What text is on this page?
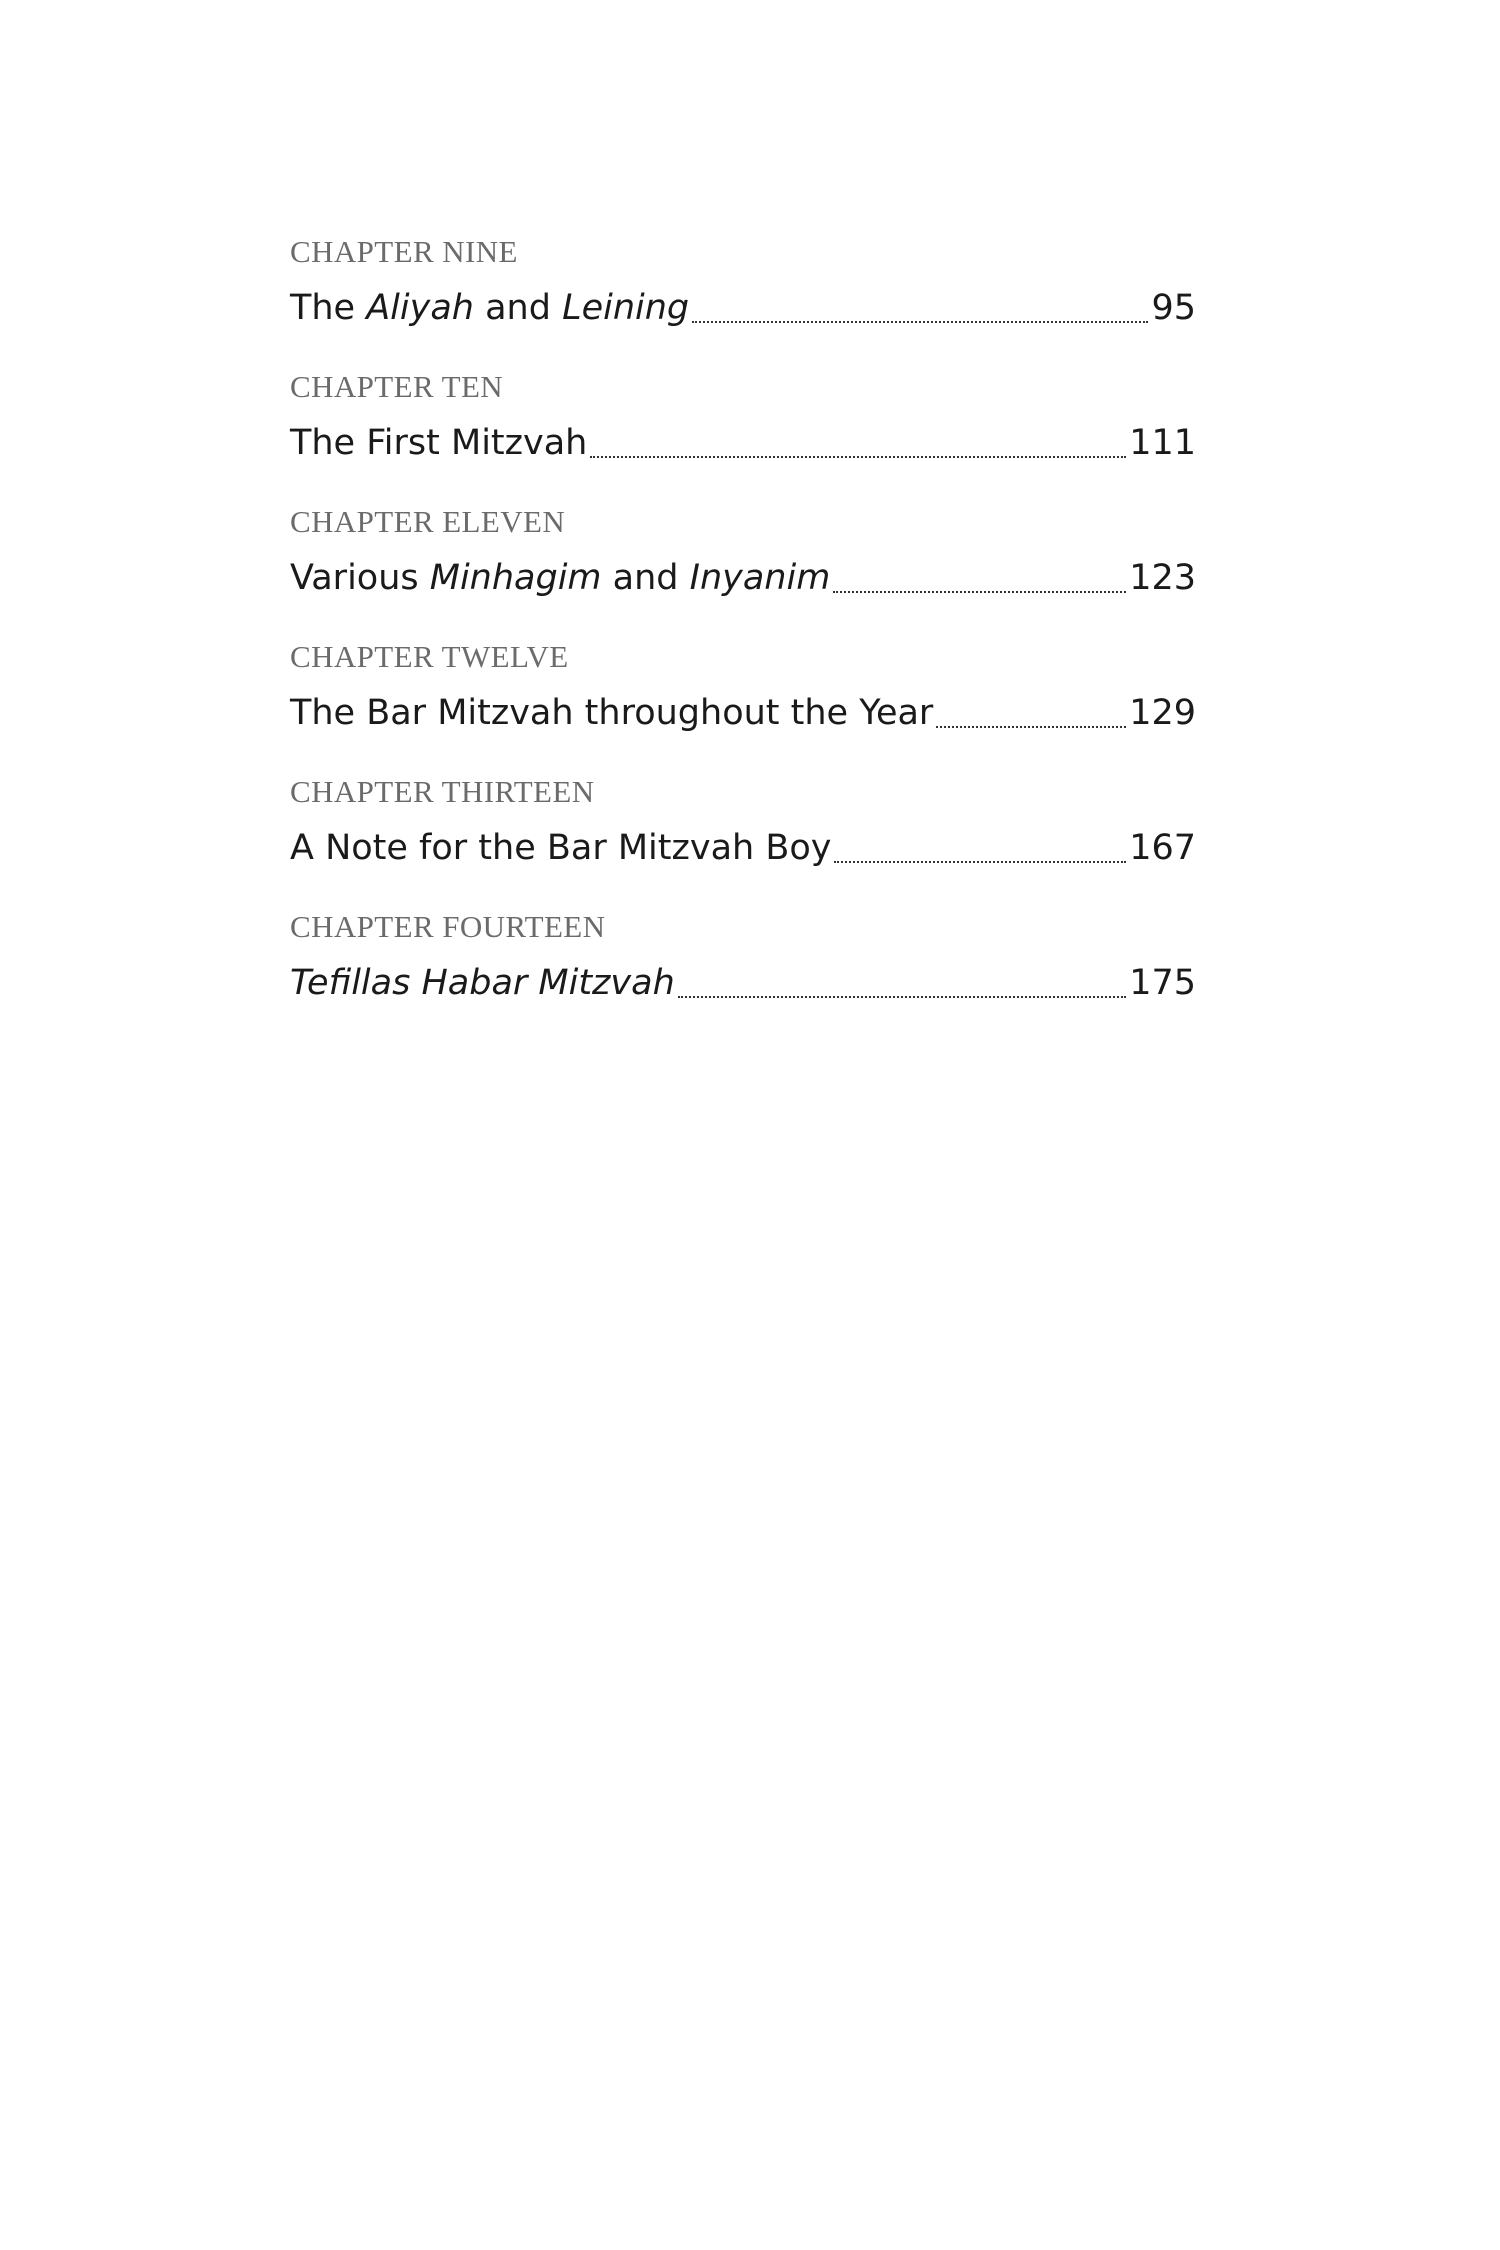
CHAPTER NINE
The Aliyah and Leining	95
CHAPTER TEN
The First Mitzvah	111
CHAPTER ELEVEN
Various Minhagim and Inyanim	123
CHAPTER TWELVE
The Bar Mitzvah throughout the Year	129
CHAPTER THIRTEEN
A Note for the Bar Mitzvah Boy	167
CHAPTER FOURTEEN
Tefillas Habar Mitzvah	175
